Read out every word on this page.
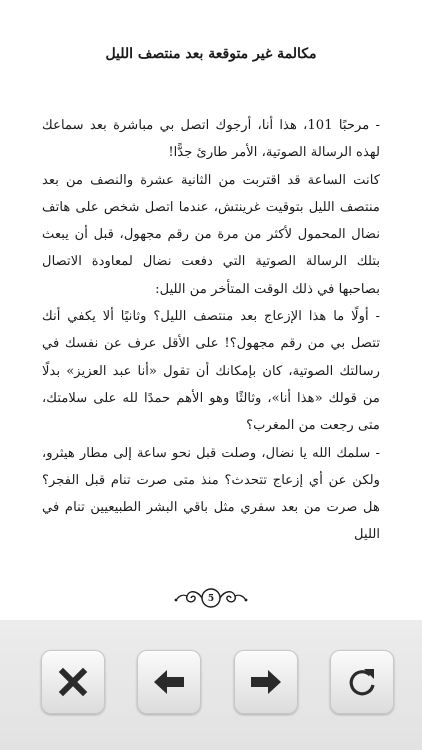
مكالمة غير متوقعة بعد منتصف الليل

- مرحبًا 101، هذا أنا، أرجوك اتصل بي مباشرة بعد سماعك لهذه الرسالة الصوتية، الأمر طارئ جدًّا!

كانت الساعة قد اقتربت من الثانية عشرة والنصف من بعد منتصف الليل بتوقيت غرينتش، عندما اتصل شخص على هاتف نضال المحمول لأكثر من مرة من رقم مجهول، قبل أن يبعث بتلك الرسالة الصوتية التي دفعت نضال لمعاودة الاتصال بصاحبها في ذلك الوقت المتأخر من الليل:

- أولًا ما هذا الإزعاج بعد منتصف الليل؟ وثانيًا ألا يكفي أنك تتصل بي من رقم مجهول؟! على الأقل عرف عن نفسك في رسالتك الصوتية، كان بإمكانك أن تقول «أنا عبد العزيز» بدلًا من قولك «هذا أنا»، وثالثًا وهو الأهم حمدًا لله على سلامتك، متى رجعت من المغرب؟

- سلمك الله يا نضال، وصلت قبل نحو ساعة إلى مطار هيثرو، ولكن عن أي إزعاج تتحدث؟ منذ متى صرت تنام قبل الفجر؟ هل صرت من بعد سفري مثل باقي البشر الطبيعيين تنام في الليل

5
